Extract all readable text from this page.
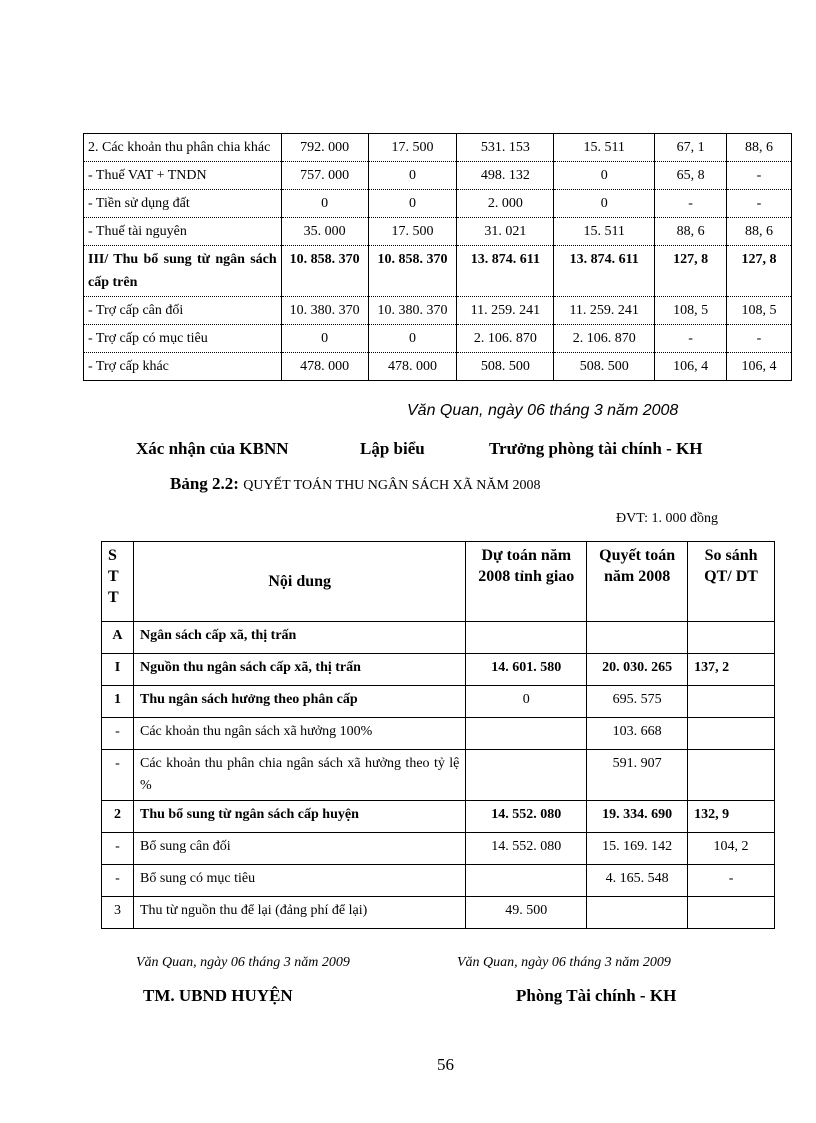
2. Các khoản thu phân chia khác	792. 000	17. 500	531. 153	15. 511	67, 1	88, 6
- Thuế VAT + TNDN	757. 000	0	498. 132	0	65, 8	-
- Tiền sử dụng đất	0	0	2. 000	0	-	-
- Thuế tài nguyên	35. 000	17. 500	31. 021	15. 511	88, 6	88, 6
III/ Thu bổ sung từ ngân sách cấp trên	10. 858. 370	10. 858. 370	13. 874. 611	13. 874. 611	127, 8	127, 8
- Trợ cấp cân đối	10. 380. 370	10. 380. 370	11. 259. 241	11. 259. 241	108, 5	108, 5
- Trợ cấp có mục tiêu	0	0	2. 106. 870	2. 106. 870	-	-
- Trợ cấp khác	478. 000	478. 000	508. 500	508. 500	106, 4	106, 4
Văn Quan, ngày 06 tháng 3 năm 2008
Xác nhận của KBNN	Lập biểu	Trưởng phòng tài chính - KH
Bảng 2.2: QUYẾT TOÁN THU NGÂN SÁCH XÃ NĂM 2008
ĐVT: 1. 000 đồng
S T T	Nội dung	Dự toán năm 2008 tỉnh giao	Quyết toán năm 2008	So sánh QT/ DT
A	Ngân sách cấp xã, thị trấn			
I	Nguồn thu ngân sách cấp xã, thị trấn	14. 601. 580	20. 030. 265	137, 2
1	Thu ngân sách hưởng theo phân cấp	0	695. 575	
-	Các khoản thu ngân sách xã hưởng 100%		103. 668	
-	Các khoản thu phân chia ngân sách xã hưởng theo tỷ lệ %		591. 907	
2	Thu bổ sung từ ngân sách cấp huyện	14. 552. 080	19. 334. 690	132, 9
-	Bổ sung cân đối	14. 552. 080	15. 169. 142	104, 2
-	Bổ sung có mục tiêu		4. 165. 548	-
3	Thu từ nguồn thu để lại (đảng phí để lại)	49. 500		
Văn Quan, ngày 06 tháng 3 năm 2009	Văn Quan, ngày 06 tháng 3 năm 2009
TM. UBND HUYỆN	Phòng Tài chính - KH
56
